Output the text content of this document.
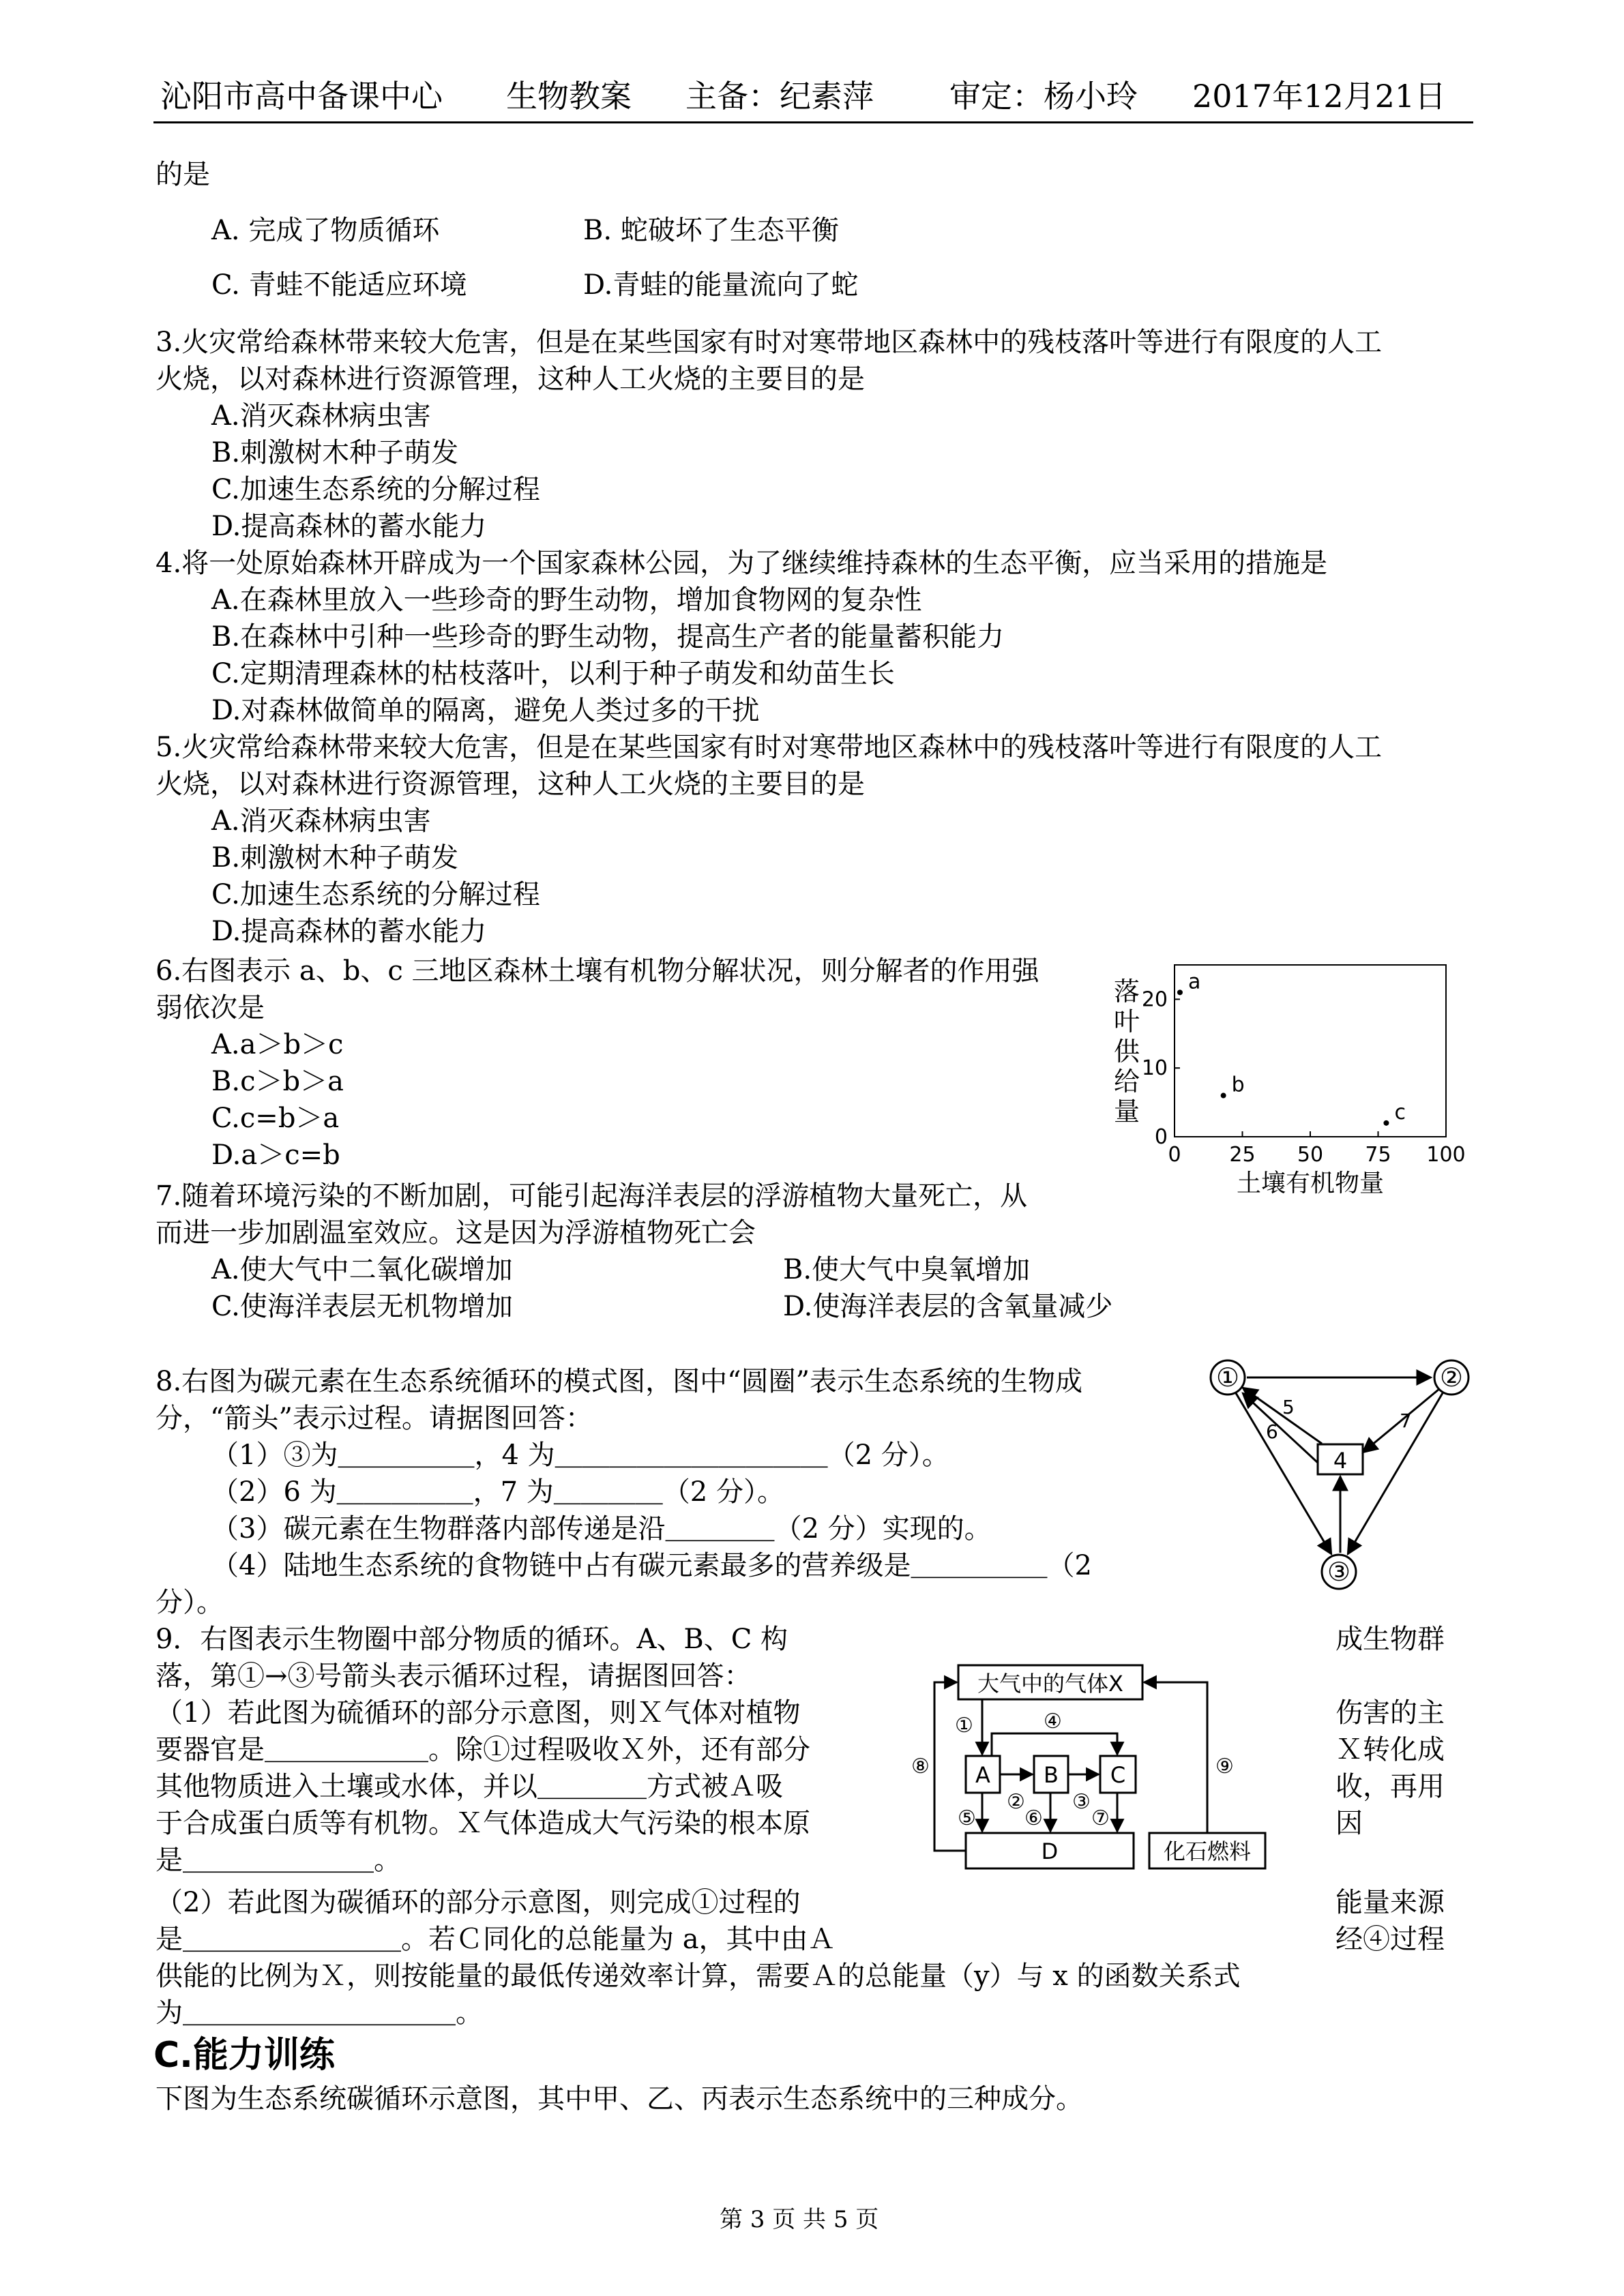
沁阳市高中备课中心 生物教案 主备：纪素萍 审定：杨小玲 2017年12月21日
的是
A. 完成了物质循环	B. 蛇破坏了生态平衡
C. 青蛙不能适应环境	D.青蛙的能量流向了蛇
3.火灾常给森林带来较大危害，但是在某些国家有时对寒带地区森林中的残枝落叶等进行有限度的人工
火烧，以对森林进行资源管理，这种人工火烧的主要目的是
A.消灭森林病虫害
B.刺激树木种子萌发
C.加速生态系统的分解过程
D.提高森林的蓄水能力
4.将一处原始森林开辟成为一个国家森林公园，为了继续维持森林的生态平衡，应当采用的措施是
A.在森林里放入一些珍奇的野生动物，增加食物网的复杂性
B.在森林中引种一些珍奇的野生动物，提高生产者的能量蓄积能力
C.定期清理森林的枯枝落叶，以利于种子萌发和幼苗生长
D.对森林做简单的隔离，避免人类过多的干扰
5.火灾常给森林带来较大危害，但是在某些国家有时对寒带地区森林中的残枝落叶等进行有限度的人工
火烧，以对森林进行资源管理，这种人工火烧的主要目的是
A.消灭森林病虫害
B.刺激树木种子萌发
C.加速生态系统的分解过程
D.提高森林的蓄水能力
6.右图表示 a、b、c 三地区森林土壤有机物分解状况，则分解者的作用强
弱依次是
A.a＞b＞c
B.c＞b＞a
C.c=b＞a
D.a＞c=b
落
叶
供
给
量
0 25 50 75 100
0
10
20
a
b
c
土壤有机物量
7.随着环境污染的不断加剧，可能引起海洋表层的浮游植物大量死亡，从
而进一步加剧温室效应。这是因为浮游植物死亡会
A.使大气中二氧化碳增加	B.使大气中臭氧增加
C.使海洋表层无机物增加	D.使海洋表层的含氧量减少
8.右图为碳元素在生态系统循环的模式图，图中“圆圈”表示生态系统的生物成
分，“箭头”表示过程。请据图回答：
（1）③为＿＿＿＿＿，4 为＿＿＿＿＿＿＿＿＿＿（2 分）。
（2）6 为＿＿＿＿＿，7 为＿＿＿＿（2 分）。
（3）碳元素在生物群落内部传递是沿＿＿＿＿（2 分）实现的。
（4）陆地生态系统的食物链中占有碳元素最多的营养级是＿＿＿＿＿（2
分）。
①	②
③
4
5
6	7
9．右图表示生物圈中部分物质的循环。A、B、C 构	成生物群
落，第①→③号箭头表示循环过程，请据图回答：
（1）若此图为硫循环的部分示意图，则Ｘ气体对植物	伤害的主
要器官是＿＿＿＿＿＿。除①过程吸收Ｘ外，还有部分	Ｘ转化成
其他物质进入土壤或水体，并以＿＿＿＿方式被Ａ吸	收，再用
于合成蛋白质等有机物。Ｘ气体造成大气污染的根本原	因
是＿＿＿＿＿＿＿。
（2）若此图为碳循环的部分示意图，则完成①过程的	能量来源
是＿＿＿＿＿＿＿＿。若Ｃ同化的总能量为 a，其中由Ａ	经④过程
供能的比例为Ｘ，则按能量的最低传递效率计算，需要Ａ的总能量（y）与 x 的函数关系式
为＿＿＿＿＿＿＿＿＿＿。
大气中的气体X
A B C
D	化石燃料
①
② ③
④
⑤ ⑥ ⑦
⑧	⑨
C.能力训练
下图为生态系统碳循环示意图，其中甲、乙、丙表示生态系统中的三种成分。
第 3 页 共 5 页
